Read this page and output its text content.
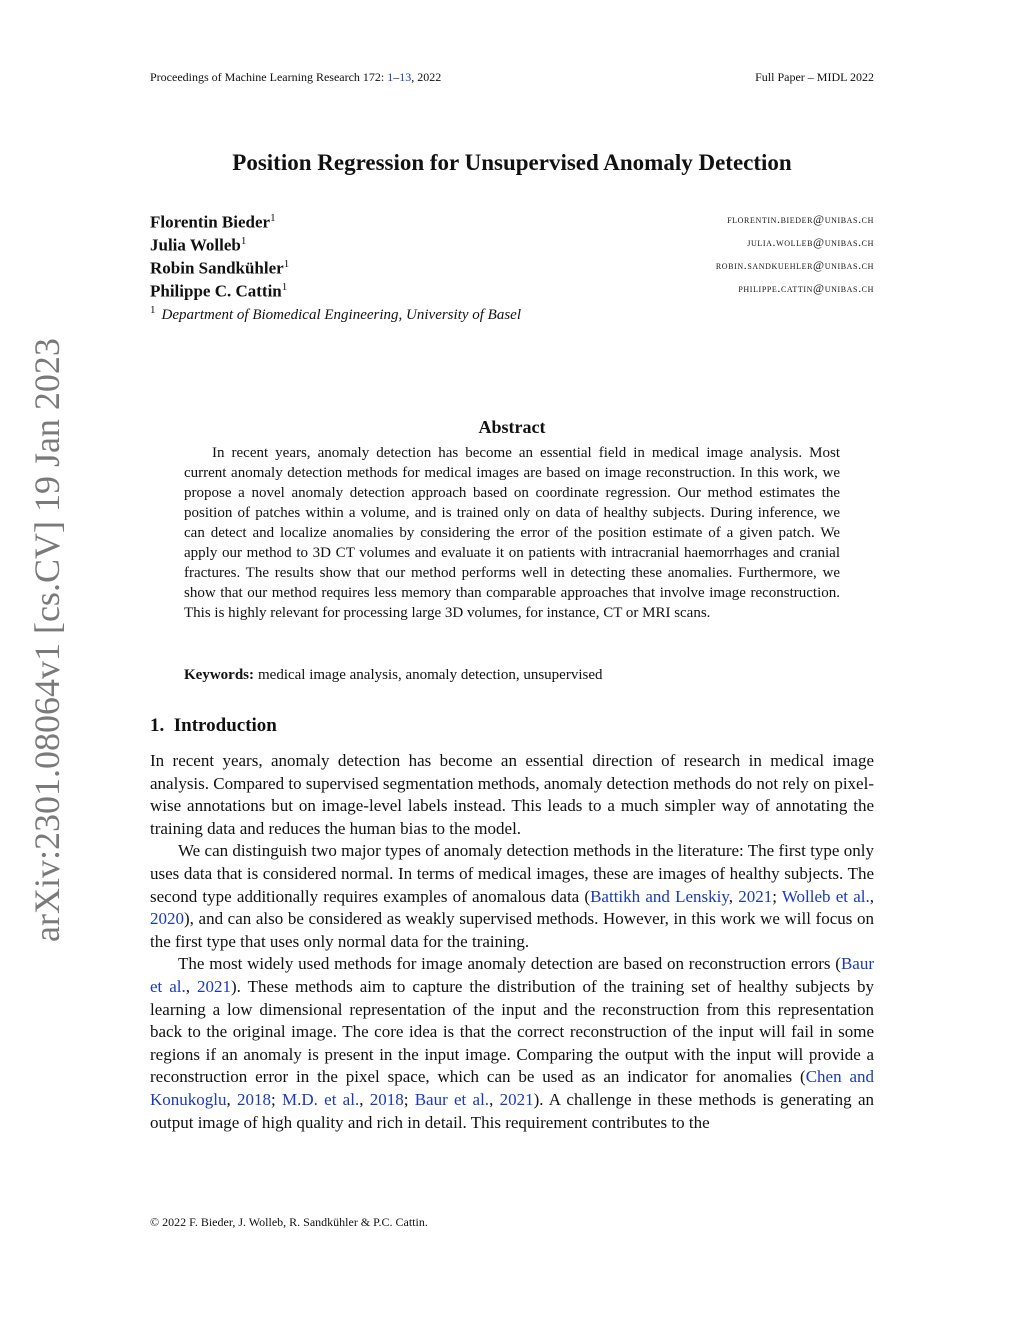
arXiv:2301.08064v1 [cs.CV] 19 Jan 2023
Proceedings of Machine Learning Research 172: 1–13, 2022	Full Paper – MIDL 2022
Position Regression for Unsupervised Anomaly Detection
Florentin Bieder$^1$	florentin.bieder@unibas.ch
Julia Wolleb$^1$	julia.wolleb@unibas.ch
Robin Sandkühler$^1$	robin.sandkuehler@unibas.ch
Philippe C. Cattin$^1$	philippe.cattin@unibas.ch
$^1$ Department of Biomedical Engineering, University of Basel
Abstract
In recent years, anomaly detection has become an essential field in medical image analysis. Most current anomaly detection methods for medical images are based on image reconstruction. In this work, we propose a novel anomaly detection approach based on coordinate regression. Our method estimates the position of patches within a volume, and is trained only on data of healthy subjects. During inference, we can detect and localize anomalies by considering the error of the position estimate of a given patch. We apply our method to 3D CT volumes and evaluate it on patients with intracranial haemorrhages and cranial fractures. The results show that our method performs well in detecting these anomalies. Furthermore, we show that our method requires less memory than comparable approaches that involve image reconstruction. This is highly relevant for processing large 3D volumes, for instance, CT or MRI scans.
Keywords: medical image analysis, anomaly detection, unsupervised
1. Introduction

In recent years, anomaly detection has become an essential direction of research in medical image analysis. Compared to supervised segmentation methods, anomaly detection methods do not rely on pixel-wise annotations but on image-level labels instead. This leads to a much simpler way of annotating the training data and reduces the human bias to the model.

We can distinguish two major types of anomaly detection methods in the literature: The first type only uses data that is considered normal. In terms of medical images, these are images of healthy subjects. The second type additionally requires examples of anomalous data (Battikh and Lenskiy, 2021; Wolleb et al., 2020), and can also be considered as weakly supervised methods. However, in this work we will focus on the first type that uses only normal data for the training.

The most widely used methods for image anomaly detection are based on reconstruction errors (Baur et al., 2021). These methods aim to capture the distribution of the training set of healthy subjects by learning a low dimensional representation of the input and the reconstruction from this representation back to the original image. The core idea is that the correct reconstruction of the input will fail in some regions if an anomaly is present in the input image. Comparing the output with the input will provide a reconstruction error in the pixel space, which can be used as an indicator for anomalies (Chen and Konukoglu, 2018; M.D. et al., 2018; Baur et al., 2021). A challenge in these methods is generating an output image of high quality and rich in detail. This requirement contributes to the

© 2022 F. Bieder, J. Wolleb, R. Sandkühler & P.C. Cattin.
